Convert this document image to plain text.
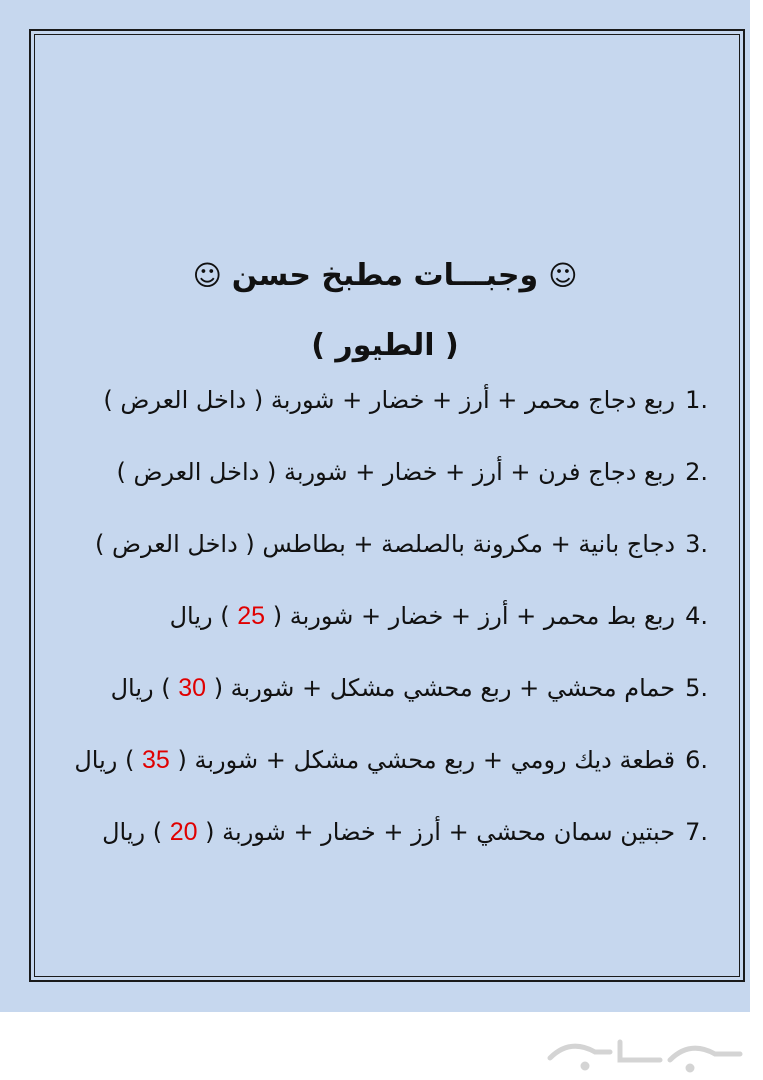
☺وجبـــات مطبخ حسن☺
( الطيور )
1.ربع دجاج محمر + أرز + خضار + شوربة ( داخل العرض )
2.ربع دجاج فرن + أرز + خضار + شوربة ( داخل العرض )
3.دجاج بانية + مكرونة بالصلصة + بطاطس ( داخل العرض )
4.ربع بط محمر + أرز + خضار + شوربة ( 25 ) ريال
5.حمام محشي + ربع محشي مشكل + شوربة ( 30 ) ريال
6.قطعة ديك رومي + ربع محشي مشكل + شوربة ( 35 ) ريال
7.حبتين سمان محشي + أرز + خضار + شوربة ( 20 ) ريال
